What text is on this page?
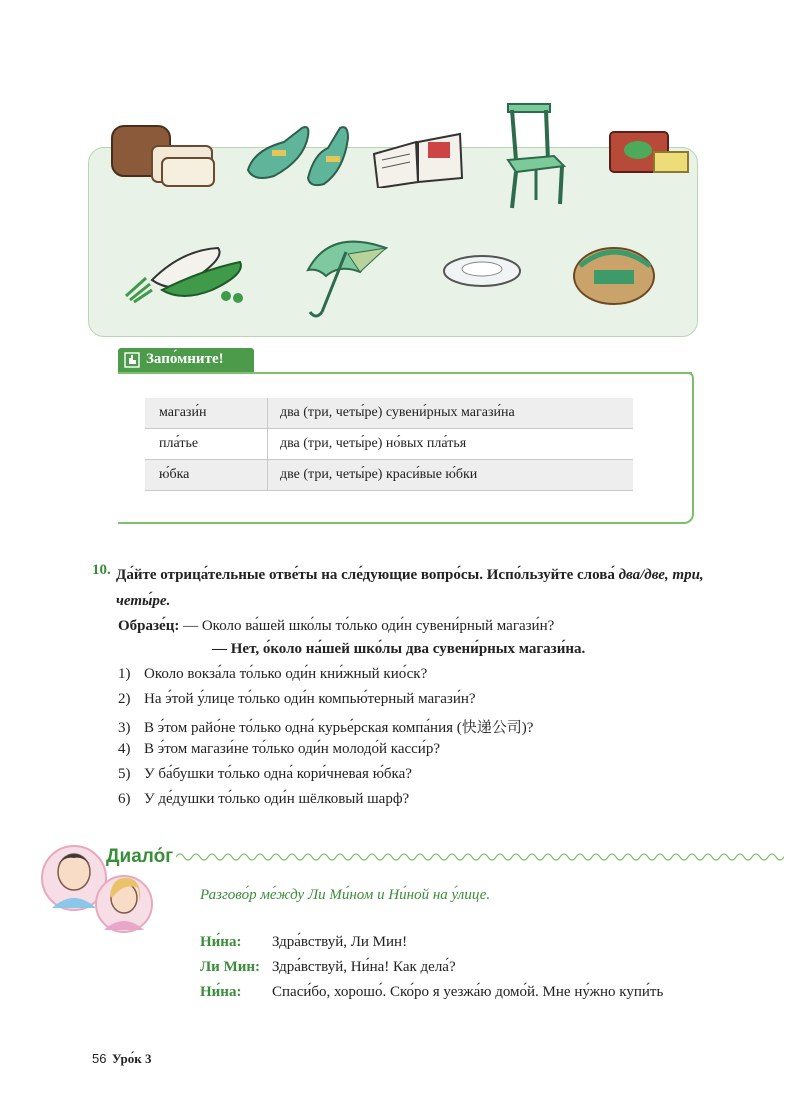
Запо́мните!
магази́н	два (три, четы́ре) сувени́рных магази́на
пла́тье	два (три, четы́ре) но́вых пла́тья
ю́бка	две (три, четы́ре) краси́вые ю́бки
10. Да́йте отрица́тельные отве́ты на сле́дующие вопро́сы. Испо́льзуйте слова́ два/две, три, четы́ре.
Образе́ц: — Около ва́шей шко́лы то́лько оди́н сувени́рный магази́н?
— Нет, о́коло на́шей шко́лы два сувени́рных магази́на.
1) Около вокза́ла то́лько оди́н кни́жный кио́ск?
2) На э́той у́лице то́лько оди́н компью́терный магази́н?
3) В э́том райо́не то́лько одна́ курье́рская компа́ния (快递公司)?
4) В э́том магази́не то́лько оди́н молодо́й касси́р?
5) У ба́бушки то́лько одна́ кори́чневая ю́бка?
6) У де́душки то́лько оди́н шёлковый шарф?
Диало́г
Разгово́р ме́жду Ли Ми́ном и Ни́ной на у́лице.
Ни́на: Здра́вствуй, Ли Мин!
Ли Мин: Здра́вствуй, Ни́на! Как дела́?
Ни́на: Спаси́бо, хорошо́. Ско́ро я уезжа́ю домо́й. Мне ну́жно купи́ть
56 Уро́к 3
